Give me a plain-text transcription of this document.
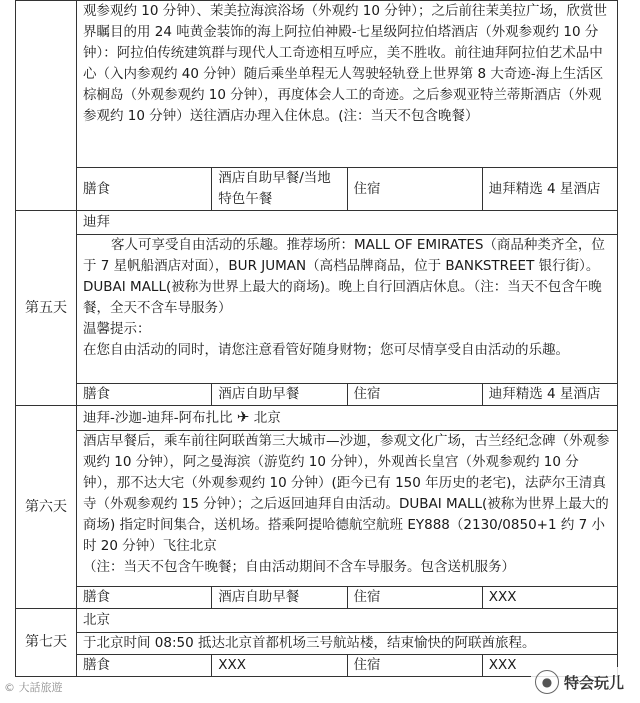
	观参观约 10 分钟）、茉美拉海滨浴场（外观约 10 分钟）；之后前往茉美拉广场，欣赏世界瞩目的用 24 吨黄金装饰的海上阿拉伯神殿-七星级阿拉伯塔酒店（外观参观约 10 分钟）：阿拉伯传统建筑群与现代人工奇迹相互呼应，美不胜收。前往迪拜阿拉伯艺术品中心（入内参观约 40 分钟）随后乘坐单程无人驾驶轻轨登上世界第 8 大奇迹-海上生活区棕榈岛（外观参观约 10 分钟），再度体会人工的奇迹。之后参观亚特兰蒂斯酒店（外观参观约 10 分钟）送往酒店办理入住休息。(注：当天不包含晚餐）			

	膳食	酒店自助早餐/当地特色午餐	住宿	迪拜精选 4 星酒店
第五天	迪拜			

	客人可享受自由活动的乐趣。推荐场所：MALL OF EMIRATES（商品种类齐全，位于 7 星帆船酒店对面），BUR JUMAN（高档品牌商品，位于 BANKSTREET 银行街）。DUBAI MALL(被称为世界上最大的商场)。晚上自行回酒店休息。（注：当天不包含午晚餐，全天不含车导服务）

温馨提示：

在您自由活动的同时，请您注意看管好随身财物；您可尽情享受自由活动的乐趣。			

	膳食	酒店自助早餐	住宿	迪拜精选 4 星酒店
第六天	迪拜-沙迦-迪拜-阿布扎比 ✈ 北京			

	酒店早餐后，乘车前往阿联酋第三大城市—沙迦，参观文化广场，古兰经纪念碑（外观参观约 10 分钟），阿之曼海滨（游览约 10 分钟），外观酋长皇宫（外观参观约 10 分钟），那不达大宅（外观参观约 10 分钟）(距今已有 150 年历史的老宅)，法萨尔王清真寺（外观参观约 15 分钟）；之后返回迪拜自由活动。DUBAI MALL(被称为世界上最大的商场) 指定时间集合，送机场。搭乘阿提哈德航空航班 EY888（2130/0850+1 约 7 小时 20 分钟）飞往北京

（注：当天不包含午晚餐；自由活动期间不含车导服务。包含送机服务）			

	膳食	酒店自助早餐	住宿	XXX
第七天	北京			

	于北京时间 08:50 抵达北京首都机场三号航站楼，结束愉快的阿联酋旅程。			

	膳食	XXX	住宿	XXX
© 大話旅遊	● 特会玩儿
